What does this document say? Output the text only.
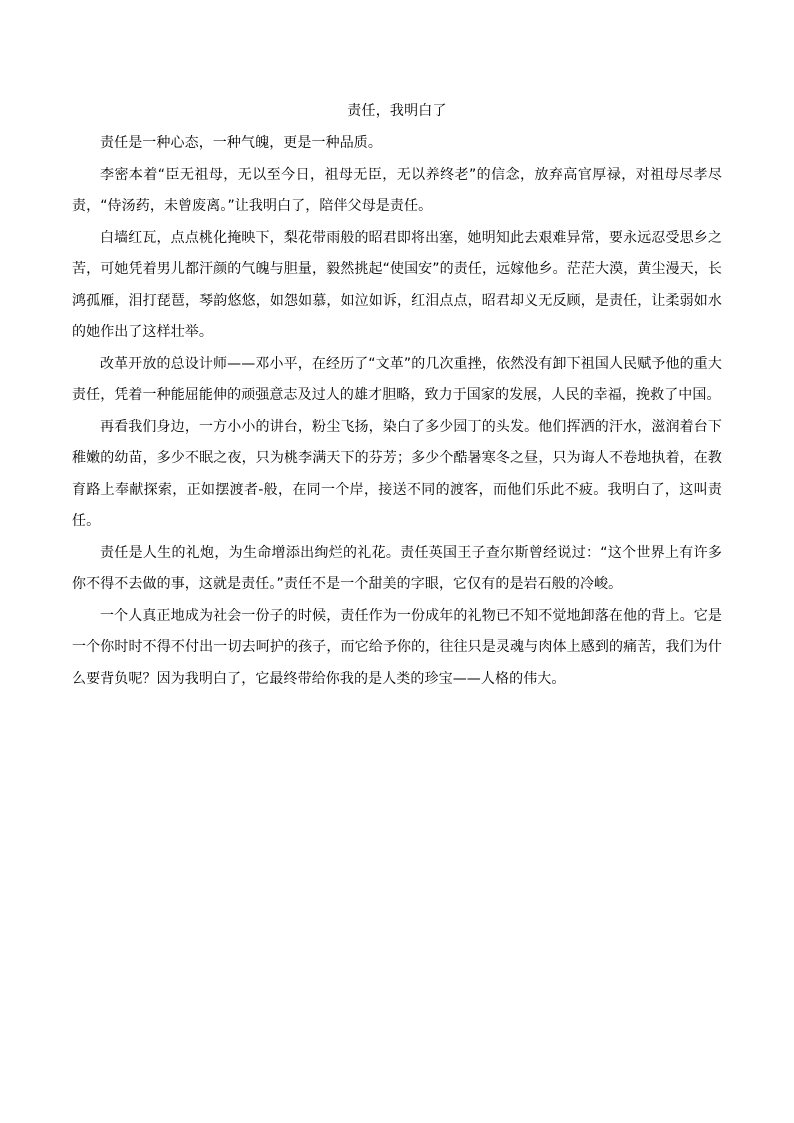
责任，我明白了

责任是一种心态，一种气魄，更是一种品质。

李密本着“臣无祖母，无以至今日，祖母无臣，无以养终老”的信念，放弃高官厚禄，对祖母尽孝尽责，“侍汤药，未曾废离。”让我明白了，陪伴父母是责任。

白墙红瓦，点点桃化掩映下，梨花带雨般的昭君即将出塞，她明知此去艰难异常，要永远忍受思乡之苦，可她凭着男儿都汗颜的气魄与胆量，毅然挑起“使国安”的责任，远嫁他乡。茫茫大漠，黄尘漫天，长鸿孤雁，泪打琵琶，琴韵悠悠，如怨如慕，如泣如诉，红泪点点，昭君却义无反顾，是责任，让柔弱如水的她作出了这样壮举。

改革开放的总设计师——邓小平，在经历了“文革”的几次重挫，依然没有卸下祖国人民赋予他的重大责任，凭着一种能屈能伸的顽强意志及过人的雄才胆略，致力于国家的发展，人民的幸福，挽救了中国。

再看我们身边，一方小小的讲台，粉尘飞扬，染白了多少园丁的头发。他们挥洒的汗水，滋润着台下稚嫩的幼苗，多少不眠之夜，只为桃李满天下的芬芳；多少个酷暑寒冬之昼，只为诲人不卷地执着，在教育路上奉献探索，正如摆渡者-般，在同一个岸，接送不同的渡客，而他们乐此不疲。我明白了，这叫责任。

责任是人生的礼炮，为生命增添出绚烂的礼花。责任英国王子查尔斯曾经说过：“这个世界上有许多你不得不去做的事，这就是责任。”责任不是一个甜美的字眼，它仅有的是岩石般的冷峻。

一个人真正地成为社会一份子的时候，责任作为一份成年的礼物已不知不觉地卸落在他的背上。它是一个你时时不得不付出一切去呵护的孩子，而它给予你的，往往只是灵魂与肉体上感到的痛苦，我们为什么要背负呢？因为我明白了，它最终带给你我的是人类的珍宝——人格的伟大。
